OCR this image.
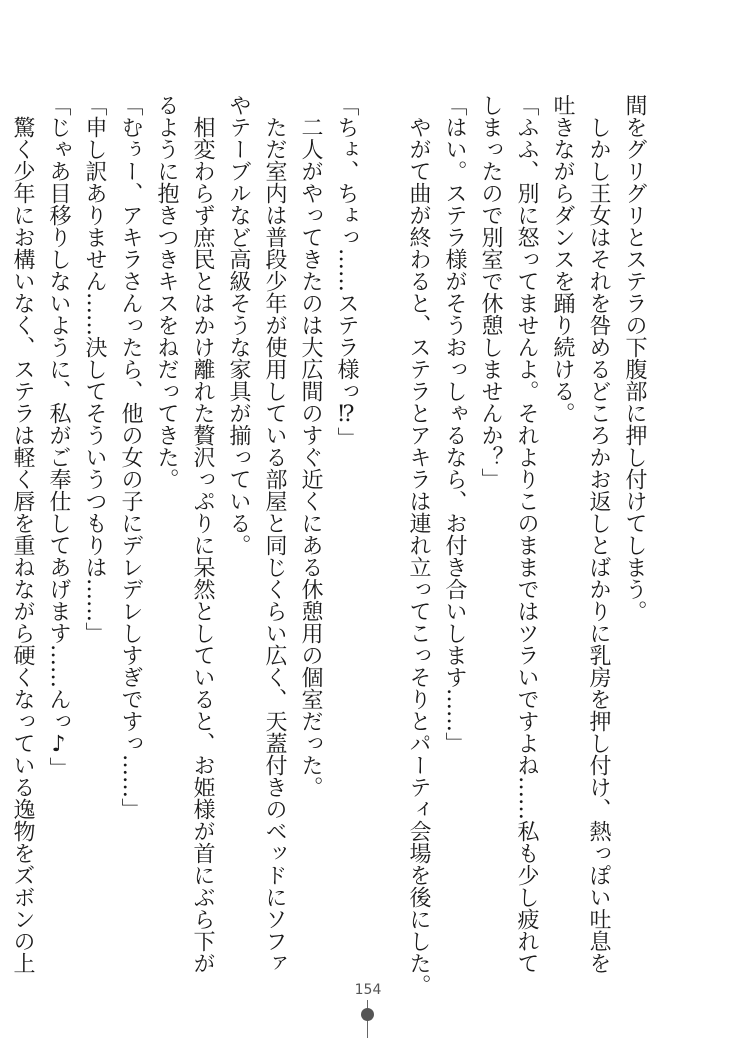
間をグリグリとステラの下腹部に押し付けてしまう。
　しかし王女はそれを咎めるどころかお返しとばかりに乳房を押し付け、熱っぽい吐息を
吐きながらダンスを踊り続ける。
「ふふ、別に怒ってませんよ。それよりこのままではツラいですよね……私も少し疲れて
しまったので別室で休憩しませんか？」
「はい。ステラ様がそうおっしゃるなら、お付き合いします……」
　やがて曲が終わると、ステラとアキラは連れ立ってこっそりとパーティ会場を後にした。
「ちょ、ちょっ……ステラ様っ⁉」
　二人がやってきたのは大広間のすぐ近くにある休憩用の個室だった。
　ただ室内は普段少年が使用している部屋と同じくらい広く、天蓋付きのベッドにソファ
やテーブルなど高級そうな家具が揃っている。
　相変わらず庶民とはかけ離れた贅沢っぷりに呆然としていると、お姫様が首にぶら下が
るように抱きつきキスをねだってきた。
「むぅー、アキラさんったら、他の女の子にデレデレしすぎですっ……」
「申し訳ありません……決してそういうつもりは……」
「じゃあ目移りしないように、私がご奉仕してあげます……んっ♪」
　驚く少年にお構いなく、ステラは軽く唇を重ねながら硬くなっている逸物をズボンの上
154
